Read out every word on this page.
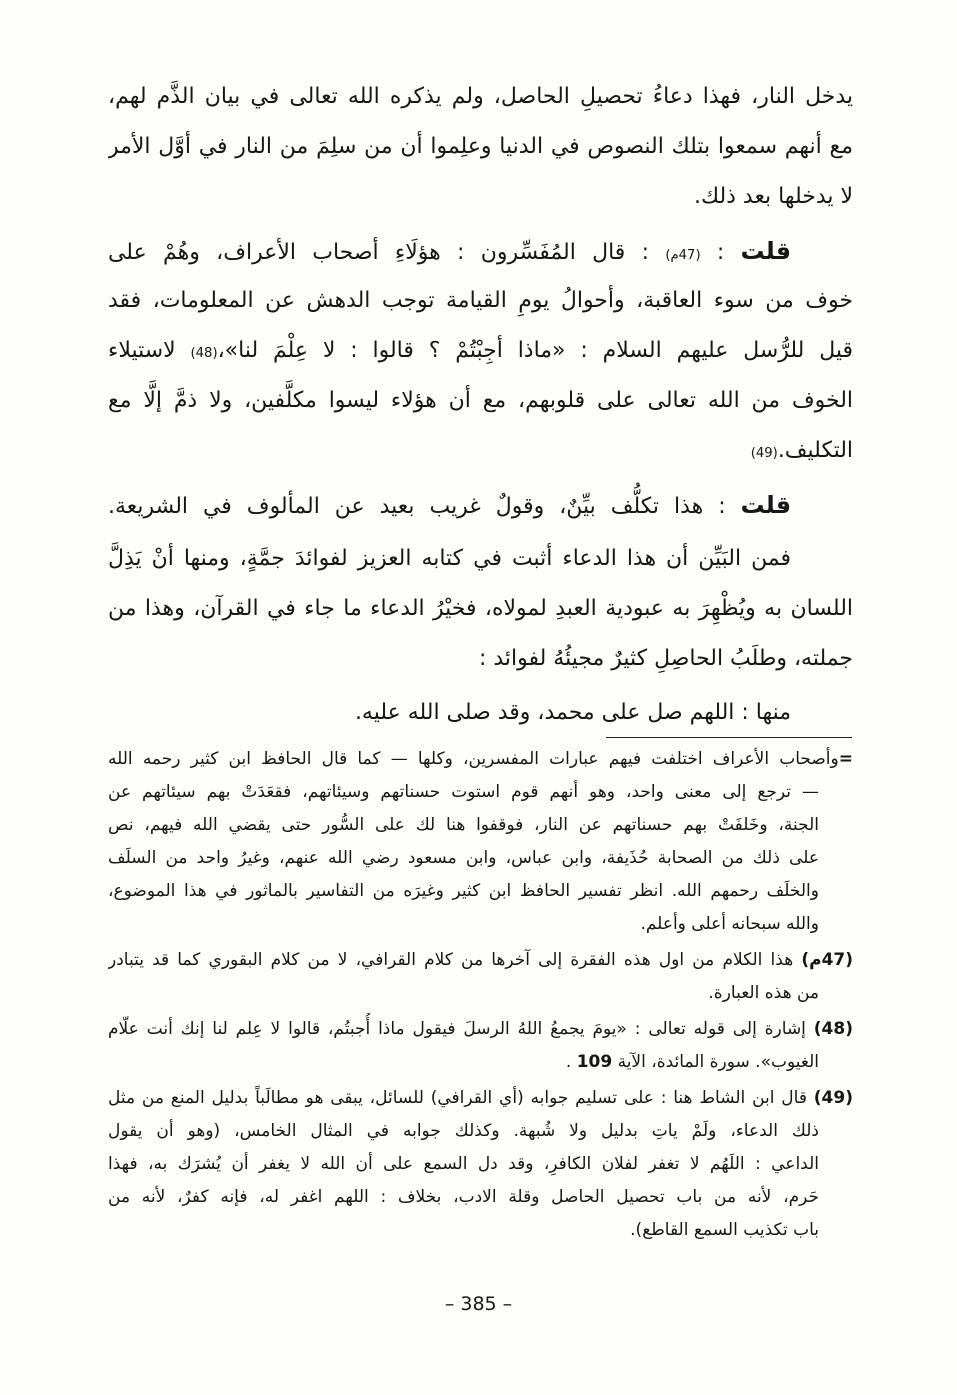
يدخل النار، فهذا دعاءُ تحصيلِ الحاصل، ولم يذكره الله تعالى في بيان الذَّم لهم،
مع أنهم سمعوا بتلك النصوص في الدنيا وعلِموا أن من سلِمَ من النار في أوَّل الأمر
لا يدخلها بعد ذلك.
قلت : (47م) : قال المُفَسِّرون : هؤلَاءِ أصحاب الأعراف، وهُمْ على
خوف من سوء العاقبة، وأحوالُ يومِ القيامة توجب الدهش عن المعلومات، فقد
قيل للرُّسل عليهم السلام : «ماذا أجِبْتُمْ ؟ قالوا : لا عِلْمَ لنا»،(48) لاستيلاء
الخوف من الله تعالى على قلوبهم، مع أن هؤلاء ليسوا مكلَّفين، ولا ذمَّ إلَّا مع
التكليف.(49)
قلت : هذا تكلُّف بيِّنٌ، وقولٌ غريب بعيد عن المألوف في الشريعة.
فمن البَيِّن أن هذا الدعاء أثبت في كتابه العزيز لفوائدَ جمَّةٍ، ومنها أنْ يَذِلَّ
اللسان به ويُظْهِرَ به عبودية العبدِ لمولاه، فخيْرُ الدعاء ما جاء في القرآن، وهذا من
جملته، وطلَبُ الحاصِلِ كثيرٌ مجيئُهُ لفوائد :
منها : اللهم صل على محمد، وقد صلى الله عليه.
=وأصحاب الأعراف اختلفت فيهم عبارات المفسرين، وكلها — كما قال الحافظ ابن كثير رحمه الله
— ترجع إلى معنى واحد، وهو أنهم قوم استوت حسناتهم وسيئاتهم، فقعَدَتْ بهم سيئاتهم عن
الجنة، وخَلفَتْ بهم حسناتهم عن النار، فوقفوا هنا لك على السُّور حتى يقضي الله فيهم، نص
على ذلك من الصحابة حُذَيفة، وابن عباس، وابن مسعود رضي الله عنهم، وغيرُ واحد من السلَف
والخلَف رحمهم الله. انظر تفسير الحافظ ابن كثير وغيرَه من التفاسير بالماثور في هذا الموضوع،
والله سبحانه أعلى وأعلم.
(47م) هذا الكلام من اول هذه الفقرة إلى آخرها من كلام القرافي، لا من كلام البقوري كما قد يتبادر
من هذه العبارة.
(48) إشارة إلى قوله تعالى : «يومَ يجمعُ اللهُ الرسلَ فيقول ماذا أُجبتُم، قالوا لا عِلم لنا إنك أنت علّام
الغيوب». سورة المائدة، الآية 109 .
(49) قال ابن الشاط هنا : على تسليم جوابه (أي القرافي) للسائل، يبقى هو مطالَباً بدليل المنع من مثل
ذلك الدعاء، ولَمْ ياتِ بدليل ولا شُبهة. وكذلك جوابه في المثال الخامس، (وهو أن يقول
الداعي : اللَهُم لا تغفر لفلان الكافرِ، وقد دل السمع على أن الله لا يغفر أن يُشرَك به، فهذا
حَرم، لأنه من باب تحصيل الحاصل وقلة الادب، بخلاف : اللهم اغفر له، فإنه كفرٌ، لأنه من
باب تكذيب السمع القاطع).
– 385 –
